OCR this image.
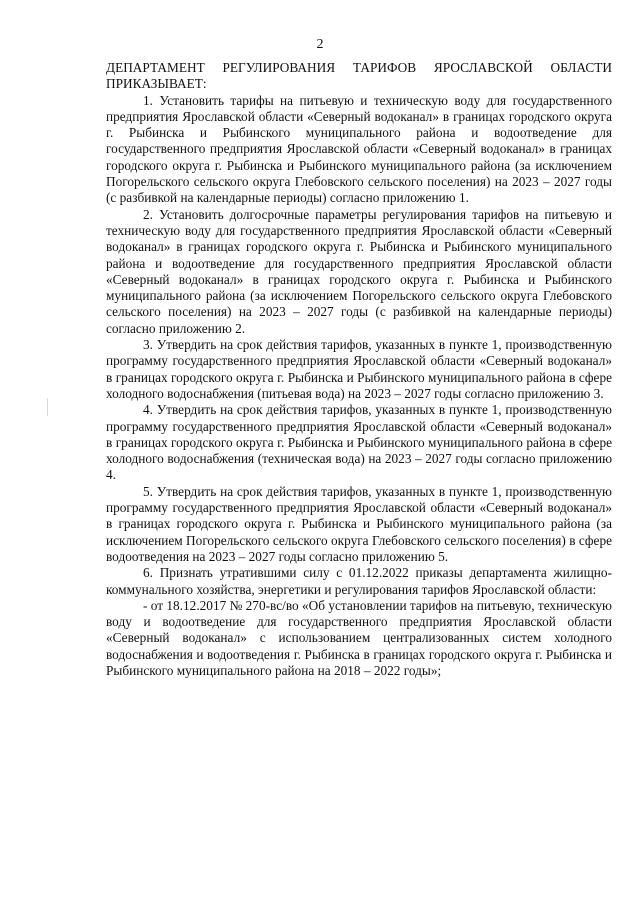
2

ДЕПАРТАМЕНТ РЕГУЛИРОВАНИЯ ТАРИФОВ ЯРОСЛАВСКОЙ ОБЛАСТИ ПРИКАЗЫВАЕТ:

1. Установить тарифы на питьевую и техническую воду для государственного предприятия Ярославской области «Северный водоканал» в границах городского округа г. Рыбинска и Рыбинского муниципального района и водоотведение для государственного предприятия Ярославской области «Северный водоканал» в границах городского округа г. Рыбинска и Рыбинского муниципального района (за исключением Погорельского сельского округа Глебовского сельского поселения) на 2023 – 2027 годы (с разбивкой на календарные периоды) согласно приложению 1.

2. Установить долгосрочные параметры регулирования тарифов на питьевую и техническую воду для государственного предприятия Ярославской области «Северный водоканал» в границах городского округа г. Рыбинска и Рыбинского муниципального района и водоотведение для государственного предприятия Ярославской области «Северный водоканал» в границах городского округа г. Рыбинска и Рыбинского муниципального района (за исключением Погорельского сельского округа Глебовского сельского поселения) на 2023 – 2027 годы (с разбивкой на календарные периоды) согласно приложению 2.

3. Утвердить на срок действия тарифов, указанных в пункте 1, производственную программу государственного предприятия Ярославской области «Северный водоканал» в границах городского округа г. Рыбинска и Рыбинского муниципального района в сфере холодного водоснабжения (питьевая вода) на 2023 – 2027 годы согласно приложению 3.

4. Утвердить на срок действия тарифов, указанных в пункте 1, производственную программу государственного предприятия Ярославской области «Северный водоканал» в границах городского округа г. Рыбинска и Рыбинского муниципального района в сфере холодного водоснабжения (техническая вода) на 2023 – 2027 годы согласно приложению 4.

5. Утвердить на срок действия тарифов, указанных в пункте 1, производственную программу государственного предприятия Ярославской области «Северный водоканал» в границах городского округа г. Рыбинска и Рыбинского муниципального района (за исключением Погорельского сельского округа Глебовского сельского поселения) в сфере водоотведения на 2023 – 2027 годы согласно приложению 5.

6. Признать утратившими силу с 01.12.2022 приказы департамента жилищно-коммунального хозяйства, энергетики и регулирования тарифов Ярославской области:

- от 18.12.2017 № 270-вс/во «Об установлении тарифов на питьевую, техническую воду и водоотведение для государственного предприятия Ярославской области «Северный водоканал» с использованием централизованных систем холодного водоснабжения и водоотведения г. Рыбинска в границах городского округа г. Рыбинска и Рыбинского муниципального района на 2018 – 2022 годы»;
